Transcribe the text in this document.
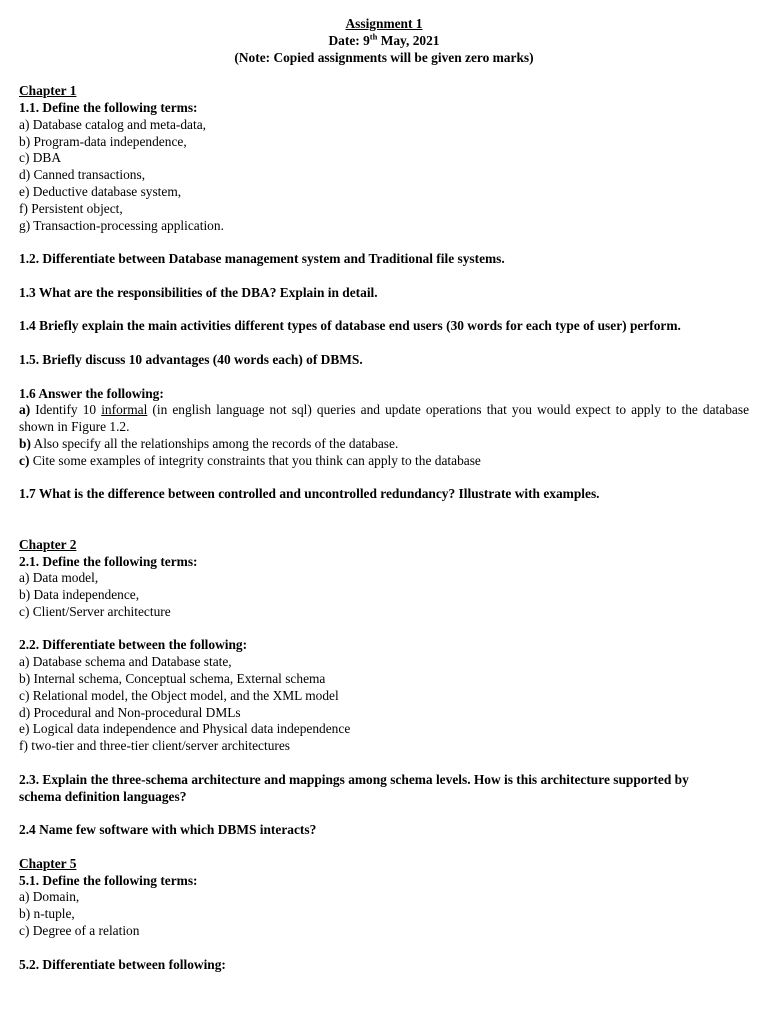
Assignment 1
Date: 9th May, 2021
(Note: Copied assignments will be given zero marks)
Chapter 1
1.1. Define the following terms:
a) Database catalog and meta-data,
b) Program-data independence,
c) DBA
d) Canned transactions,
e) Deductive database system,
f) Persistent object,
g) Transaction-processing application.
1.2. Differentiate between Database management system and Traditional file systems.
1.3 What are the responsibilities of the DBA? Explain in detail.
1.4 Briefly explain the main activities different types of database end users (30 words for each type of user) perform.
1.5. Briefly discuss 10 advantages (40 words each) of DBMS.
1.6 Answer the following:
a) Identify 10 informal (in english language not sql) queries and update operations that you would expect to apply to the database shown in Figure 1.2.
b) Also specify all the relationships among the records of the database.
c) Cite some examples of integrity constraints that you think can apply to the database
1.7 What is the difference between controlled and uncontrolled redundancy? Illustrate with examples.
Chapter 2
2.1. Define the following terms:
a) Data model,
b) Data independence,
c) Client/Server architecture
2.2. Differentiate between the following:
a) Database schema and Database state,
b) Internal schema, Conceptual schema, External schema
c) Relational model, the Object model, and the XML model
d) Procedural and Non-procedural DMLs
e) Logical data independence and Physical data independence
f) two-tier and three-tier client/server architectures
2.3. Explain the three-schema architecture and mappings among schema levels. How is this architecture supported by schema definition languages?
2.4 Name few software with which DBMS interacts?
Chapter 5
5.1. Define the following terms:
a) Domain,
b) n-tuple,
c) Degree of a relation
5.2. Differentiate between following:
